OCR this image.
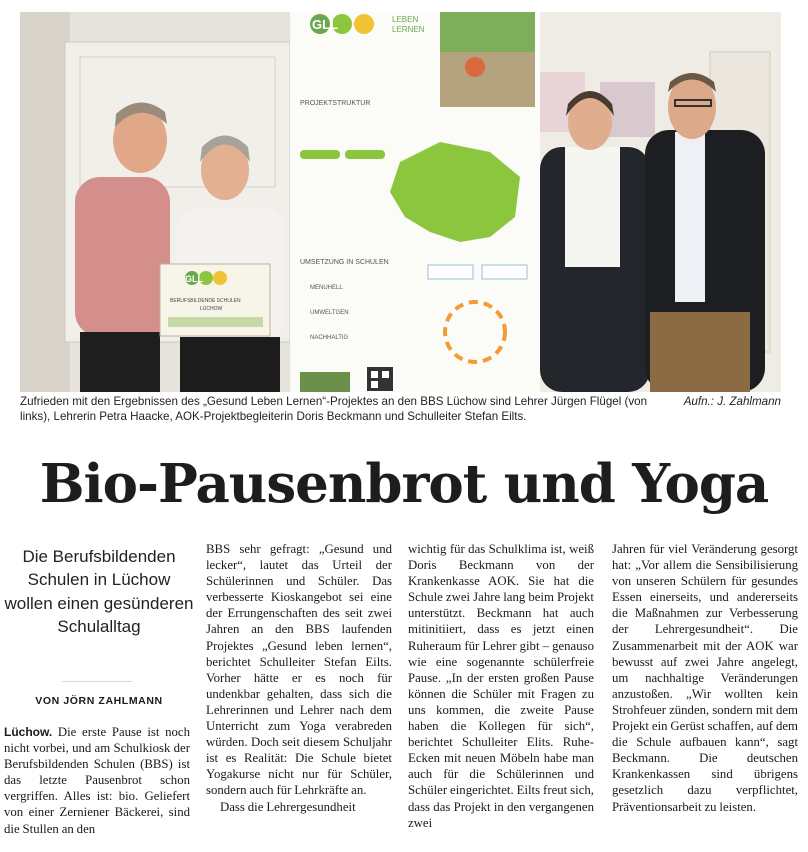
GLL	LEBEN
LERNEN
PROJEKTSTRUKTUR
UMSETZUNG IN SCHULEN
MENUHELL
UMWELTGEN
NACHHALTIG
GLL
BERUFSBILDENDE SCHULEN
LÜCHOW
Aufn.: J. Zahlmann
Zufrieden mit den Ergebnissen des „Gesund Leben Lernen“-Projektes an den BBS Lüchow sind Lehrer Jürgen Flügel (von links), Lehrerin Petra Haacke, AOK-Projektbegleiterin Doris Beckmann und Schulleiter Stefan Eilts.
Bio-Pausenbrot und Yoga
Die Berufsbildenden Schulen in Lüchow wollen einen gesünderen Schulalltag
VON JÖRN ZAHLMANN

Lüchow. Die erste Pause ist noch nicht vorbei, und am Schulkiosk der Berufsbildenden Schulen (BBS) ist das letzte Pausenbrot schon vergriffen. Alles ist: bio. Geliefert von einer Zerniener Bäckerei, sind die Stullen an den

BBS sehr gefragt: „Gesund und lecker“, lautet das Urteil der Schülerinnen und Schüler. Das verbesserte Kioskangebot sei eine der Errungenschaften des seit zwei Jahren an den BBS laufenden Projektes „Gesund leben lernen“, berichtet Schulleiter Stefan Eilts. Vorher hätte er es noch für undenkbar gehalten, dass sich die Lehrerinnen und Lehrer nach dem Unterricht zum Yoga verabreden würden. Doch seit diesem Schuljahr ist es Realität: Die Schule bietet Yogakurse nicht nur für Schüler, sondern auch für Lehrkräfte an.

Dass die Lehrergesundheit

wichtig für das Schulklima ist, weiß Doris Beckmann von der Krankenkasse AOK. Sie hat die Schule zwei Jahre lang beim Projekt unterstützt. Beckmann hat auch mitinitiiert, dass es jetzt einen Ruheraum für Lehrer gibt – genauso wie eine sogenannte schülerfreie Pause. „In der ersten großen Pause können die Schüler mit Fragen zu uns kommen, die zweite Pause haben die Kollegen für sich“, berichtet Schulleiter Elits. Ruhe-Ecken mit neuen Möbeln habe man auch für die Schülerinnen und Schüler eingerichtet. Eilts freut sich, dass das Projekt in den vergangenen zwei

Jahren für viel Veränderung gesorgt hat: „Vor allem die Sensibilisierung von unseren Schülern für gesundes Essen einerseits, und andererseits die Maßnahmen zur Verbesserung der Lehrergesundheit“. Die Zusammenarbeit mit der AOK war bewusst auf zwei Jahre angelegt, um nachhaltige Veränderungen anzustoßen. „Wir wollten kein Strohfeuer zünden, sondern mit dem Projekt ein Gerüst schaffen, auf dem die Schule aufbauen kann“, sagt Beckmann. Die deutschen Krankenkassen sind übrigens gesetzlich dazu verpflichtet, Präventionsarbeit zu leisten.
